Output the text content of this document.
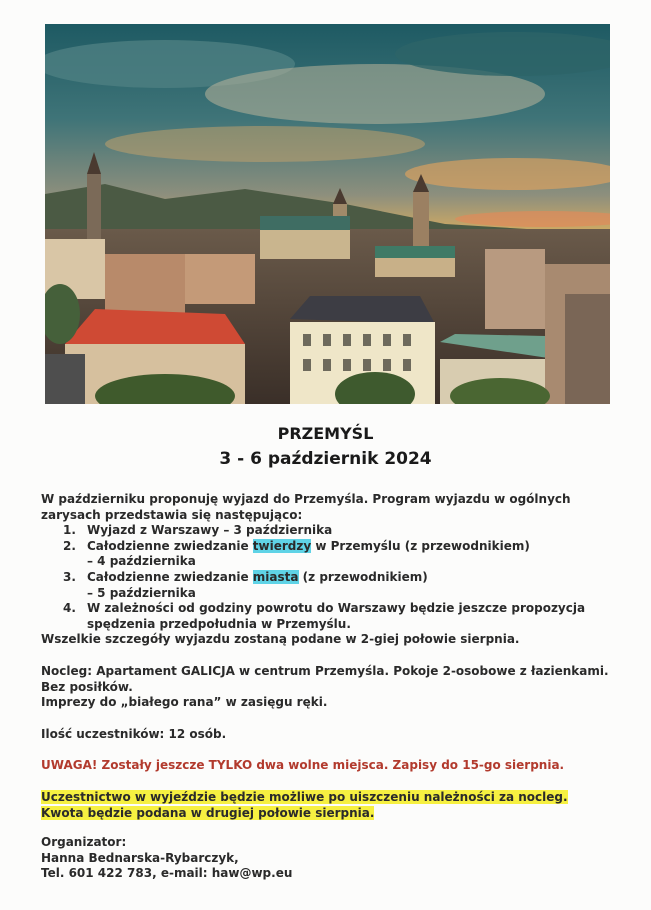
PRZEMYŚL
3 - 6 październik 2024

W październiku proponuję wyjazd do Przemyśla. Program wyjazdu w ogólnych zarysach przedstawia się następująco:

1. Wyjazd z Warszawy – 3 października
2. Całodzienne zwiedzanie twierdzy w Przemyślu (z przewodnikiem)
– 4 października
3. Całodzienne zwiedzanie miasta (z przewodnikiem)
– 5 października
4. W zależności od godziny powrotu do Warszawy będzie jeszcze propozycja spędzenia przedpołudnia w Przemyślu.

Wszelkie szczegóły wyjazdu zostaną podane w 2-giej połowie sierpnia.

Nocleg: Apartament GALICJA w centrum Przemyśla. Pokoje 2-osobowe z łazienkami. Bez posiłków.

Imprezy do „białego rana” w zasięgu ręki.

Ilość uczestników: 12 osób.

UWAGA! Zostały jeszcze TYLKO dwa wolne miejsca. Zapisy do 15-go sierpnia.

Uczestnictwo w wyjeździe będzie możliwe po uiszczeniu należności za nocleg. Kwota będzie podana w drugiej połowie sierpnia.

Organizator:

Hanna Bednarska-Rybarczyk,

Tel. 601 422 783, e-mail: haw@wp.eu
